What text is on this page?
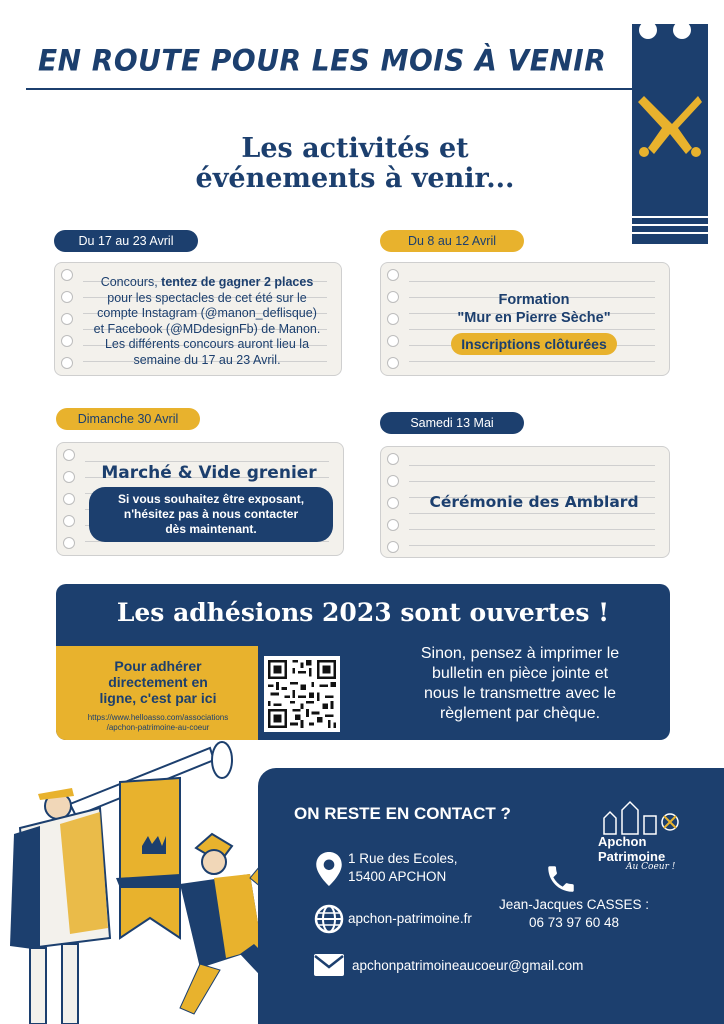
EN ROUTE POUR LES MOIS À VENIR
Les activités et
événements à venir...
Du 17 au 23 Avril
Concours, tentez de gagner 2 places
pour les spectacles de cet été sur le
compte Instagram (@manon_deflisque)
et Facebook (@MDdesignFb) de Manon.
Les différents concours auront lieu la
semaine du 17 au 23 Avril.
Du 8 au 12 Avril
Formation
"Mur en Pierre Sèche"
Inscriptions clôturées
Dimanche 30 Avril
Marché & Vide grenier
Si vous souhaitez être exposant,
n'hésitez pas à nous contacter
dès maintenant.
Samedi 13 Mai
Cérémonie des Amblard
Les adhésions 2023 sont ouvertes !
Pour adhérer
directement en
ligne, c'est par ici
https://www.helloasso.com/associations
/apchon-patrimoine-au-coeur
Sinon, pensez à imprimer le
bulletin en pièce jointe et
nous le transmettre avec le
règlement par chèque.
ON RESTE EN CONTACT ?
1 Rue des Ecoles,
15400 APCHON
apchon-patrimoine.fr
apchonpatrimoineaucoeur@gmail.com
Jean-Jacques CASSES :
06 73 97 60 48
Apchon
Patrimoine
Au Coeur !
